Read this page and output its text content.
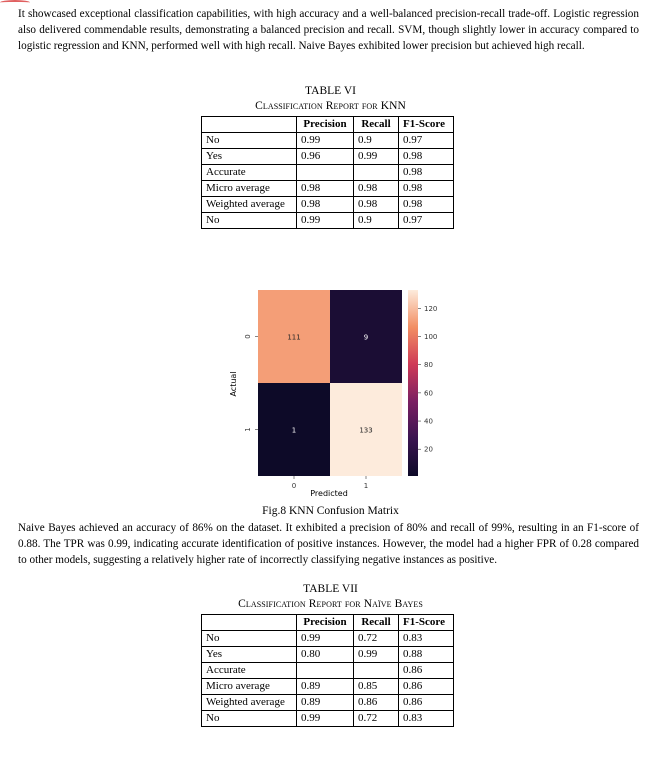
It showcased exceptional classification capabilities, with high accuracy and a well-balanced precision-recall trade-off. Logistic regression also delivered commendable results, demonstrating a balanced precision and recall. SVM, though slightly lower in accuracy compared to logistic regression and KNN, performed well with high recall. Naive Bayes exhibited lower precision but achieved high recall.

TABLE VI
Classification Report for KNN
	Precision	Recall	F1-Score
No	0.99	0.9	0.97
Yes	0.96	0.99	0.98
Accurate			0.98
Micro average	0.98	0.98	0.98
Weighted average	0.98	0.98	0.98
No	0.99	0.9	0.97
111	9
1	133
20
40
60
80
100
120
0	1
0
1
Predicted
Actual
Fig.8 KNN Confusion Matrix

Naive Bayes achieved an accuracy of 86% on the dataset. It exhibited a precision of 80% and recall of 99%, resulting in an F1-score of 0.88. The TPR was 0.99, indicating accurate identification of positive instances. However, the model had a higher FPR of 0.28 compared to other models, suggesting a relatively higher rate of incorrectly classifying negative instances as positive.

TABLE VII
Classification Report for Naïve Bayes
	Precision	Recall	F1-Score
No	0.99	0.72	0.83
Yes	0.80	0.99	0.88
Accurate			0.86
Micro average	0.89	0.85	0.86
Weighted average	0.89	0.86	0.86
No	0.99	0.72	0.83
